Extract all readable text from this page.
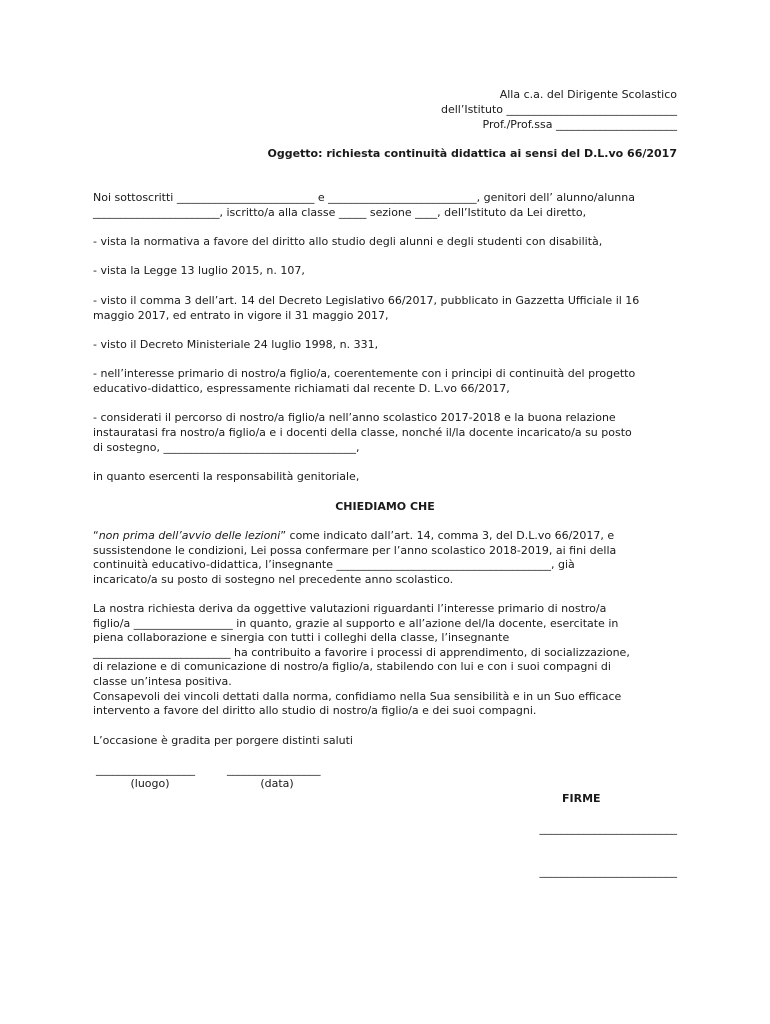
Alla c.a. del Dirigente Scolastico
dell’Istituto _______________________________
Prof./Prof.ssa ______________________
Oggetto: richiesta continuità didattica ai sensi del D.L.vo 66/2017
Noi sottoscritti _________________________ e ___________________________, genitori dell’ alunno/alunna
_______________________, iscritto/a alla classe _____ sezione ____, dell’Istituto da Lei diretto,
- vista la normativa a favore del diritto allo studio degli alunni e degli studenti con disabilità,
- vista la Legge 13 luglio 2015, n. 107,
- visto il comma 3 dell’art. 14 del Decreto Legislativo 66/2017, pubblicato in Gazzetta Ufficiale il 16
maggio 2017, ed entrato in vigore il 31 maggio 2017,
- visto il Decreto Ministeriale 24 luglio 1998, n. 331,
- nell’interesse primario di nostro/a figlio/a, coerentemente con i principi di continuità del progetto
educativo-didattico, espressamente richiamati dal recente D. L.vo 66/2017,
- considerati il percorso di nostro/a figlio/a nell’anno scolastico 2017-2018 e la buona relazione
instauratasi fra nostro/a figlio/a e i docenti della classe, nonché il/la docente incaricato/a su posto
di sostegno, ___________________________________,
in quanto esercenti la responsabilità genitoriale,
CHIEDIAMO CHE
“non prima dell’avvio delle lezioni” come indicato dall’art. 14, comma 3, del D.L.vo 66/2017, e
sussistendone le condizioni, Lei possa confermare per l’anno scolastico 2018-2019, ai fini della
continuità educativo-didattica, l’insegnante _______________________________________, già
incaricato/a su posto di sostegno nel precedente anno scolastico.
La nostra richiesta deriva da oggettive valutazioni riguardanti l’interesse primario di nostro/a
figlio/a __________________ in quanto, grazie al supporto e all’azione del/la docente, esercitate in
piena collaborazione e sinergia con tutti i colleghi della classe, l’insegnante
_________________________ ha contribuito a favorire i processi di apprendimento, di socializzazione,
di relazione e di comunicazione di nostro/a figlio/a, stabilendo con lui e con i suoi compagni di
classe un’intesa positiva.
Consapevoli dei vincoli dettati dalla norma, confidiamo nella Sua sensibilità e in un Suo efficace
intervento a favore del diritto allo studio di nostro/a figlio/a e dei suoi compagni.
L’occasione è gradita per porgere distinti saluti
__________________	_________________
(luogo)	(data)
FIRME
_________________________
_________________________
